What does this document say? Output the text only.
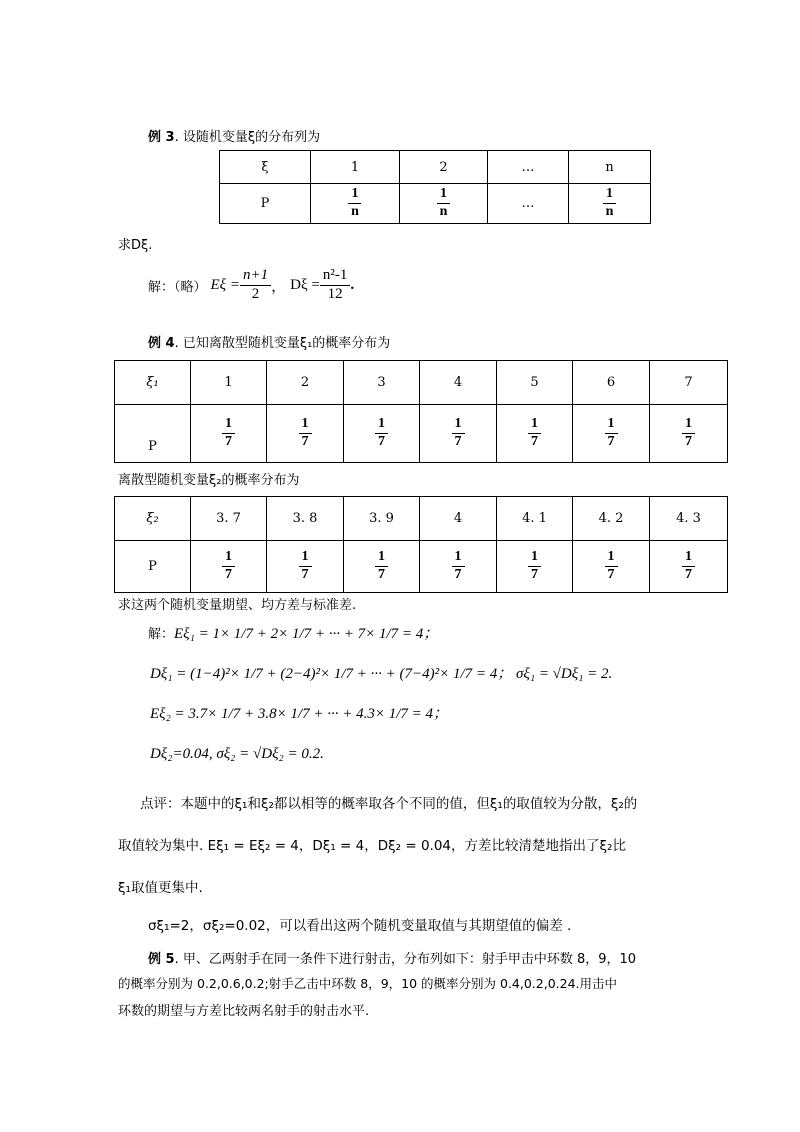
例 3. 设随机变量ξ的分布列为
ξ	1	2	…	n
P	$\frac{1}{n}$	$\frac{1}{n}$	…	$\frac{1}{n}$
求Dξ.
解：（略） $E\xi = \frac{n+1}{2}$ ， $D\xi = \frac{\text{n²-1}}{12}$ .
例 4. 已知离散型随机变量ξ₁的概率分布为
ξ₁	1	2	3	4	5	6	7
P	$\frac{1}{7}$	$\frac{1}{7}$	$\frac{1}{7}$	$\frac{1}{7}$	$\frac{1}{7}$	$\frac{1}{7}$	$\frac{1}{7}$
离散型随机变量ξ₂的概率分布为
ξ₂	3. 7	3. 8	3. 9	4	4. 1	4. 2	4. 3
P	$\frac{1}{7}$	$\frac{1}{7}$	$\frac{1}{7}$	$\frac{1}{7}$	$\frac{1}{7}$	$\frac{1}{7}$	$\frac{1}{7}$
求这两个随机变量期望、均方差与标准差.
解： Eξ₁ = 1× 1/7 + 2× 1/7 + ··· + 7× 1/7 = 4；
Dξ₁ = (1−4)²× 1/7 + (2−4)²× 1/7 + ··· + (7−4)²× 1/7 = 4； σξ₁ = √Dξ₁ = 2.
Eξ₂ = 3.7× 1/7 + 3.8× 1/7 + ··· + 4.3× 1/7 = 4；
Dξ₂=0.04, σξ₂ = √Dξ₂ = 0.2.
点评：本题中的ξ₁和ξ₂都以相等的概率取各个不同的值，但ξ₁的取值较为分散，ξ₂的
取值较为集中. Eξ₁ = Eξ₂ = 4，Dξ₁ = 4，Dξ₂ = 0.04，方差比较清楚地指出了ξ₂比
ξ₁取值更集中.
σξ₁=2，σξ₂=0.02，可以看出这两个随机变量取值与其期望值的偏差 .
例 5. 甲、乙两射手在同一条件下进行射击，分布列如下：射手甲击中环数 8，9，10
的概率分别为 0.2,0.6,0.2;射手乙击中环数 8，9，10 的概率分别为 0.4,0.2,0.24.用击中
环数的期望与方差比较两名射手的射击水平.
